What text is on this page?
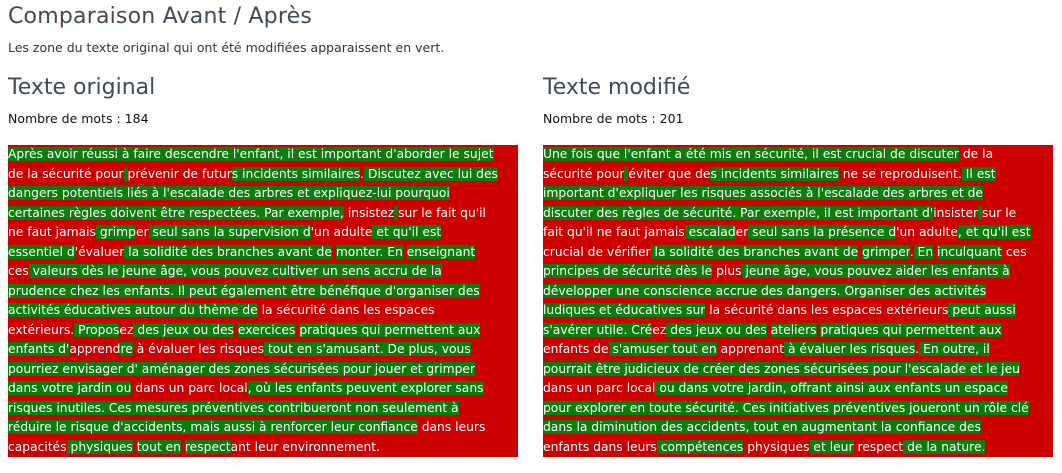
Comparaison Avant / Après

Les zone du texte original qui ont été modifiées apparaissent en vert.

Texte original
Nombre de mots : 184
Après avoir réussi à faire descendre l'enfant, il est important d'aborder le sujet
de la sécurité pour prévenir de futurs incidents similaires. Discutez avec lui des
dangers potentiels liés à l'escalade des arbres et expliquez-lui pourquoi
certaines règles doivent être respectées. Par exemple, insistez sur le fait qu'il
ne faut jamais grimper seul sans la supervision d'un adulte et qu'il est
essentiel d'évaluer la solidité des branches avant de monter. En enseignant
ces valeurs dès le jeune âge, vous pouvez cultiver un sens accru de la
prudence chez les enfants. Il peut également être bénéfique d'organiser des
activités éducatives autour du thème de la sécurité dans les espaces
extérieurs. Proposez des jeux ou des exercices pratiques qui permettent aux
enfants d'apprendre à évaluer les risques tout en s'amusant. De plus, vous
pourriez envisager d' aménager des zones sécurisées pour jouer et grimper
dans votre jardin ou dans un parc local, où les enfants peuvent explorer sans
risques inutiles. Ces mesures préventives contribueront non seulement à
réduire le risque d'accidents, mais aussi à renforcer leur confiance dans leurs
capacités physiques tout en respectant leur environnement.
Texte modifié
Nombre de mots : 201
Une fois que l'enfant a été mis en sécurité, il est crucial de discuter de la
sécurité pour éviter que des incidents similaires ne se reproduisent. Il est
important d'expliquer les risques associés à l'escalade des arbres et de
discuter des règles de sécurité. Par exemple, il est important d'insister sur le
fait qu'il ne faut jamais escalader seul sans la présence d'un adulte, et qu'il est
crucial de vérifier la solidité des branches avant de grimper. En inculquant ces
principes de sécurité dès le plus jeune âge, vous pouvez aider les enfants à
développer une conscience accrue des dangers. Organiser des activités
ludiques et éducatives sur la sécurité dans les espaces extérieurs peut aussi
s'avérer utile. Créez des jeux ou des ateliers pratiques qui permettent aux
enfants de s'amuser tout en apprenant à évaluer les risques. En outre, il
pourrait être judicieux de créer des zones sécurisées pour l'escalade et le jeu
dans un parc local ou dans votre jardin, offrant ainsi aux enfants un espace
pour explorer en toute sécurité. Ces initiatives préventives joueront un rôle clé
dans la diminution des accidents, tout en augmentant la confiance des
enfants dans leurs compétences physiques et leur respect de la nature.
